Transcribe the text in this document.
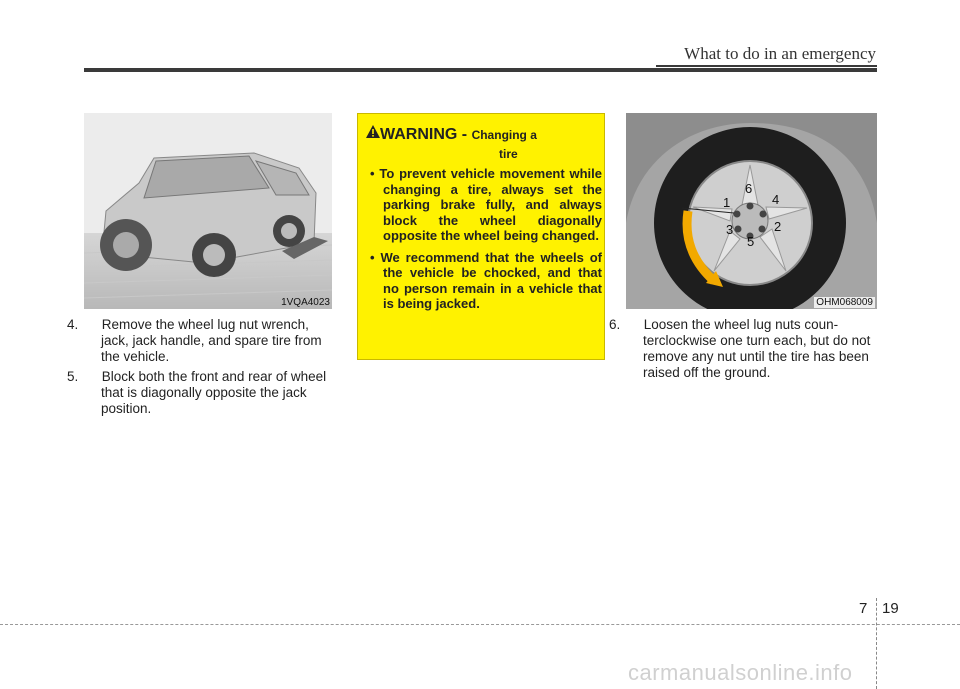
What to do in an emergency
1VQA4023

4. Remove the wheel lug nut wrench, jack, jack handle, and spare tire from the vehicle.

5. Block both the front and rear of wheel that is diagonally opposite the jack position.

WARNING - Changing a
tire
• To prevent vehicle movement while changing a tire, always set the parking brake fully, and always block the wheel diagonally opposite the wheel being changed.
• We recommend that the wheels of the vehicle be chocked, and that no person remain in a vehicle that is being jacked.
6
1	4
3	2
5
OHM068009

6. Loosen the wheel lug nuts counterclockwise one turn each, but do not remove any nut until the tire has been raised off the ground.

7 19
carmanualsonline.info
